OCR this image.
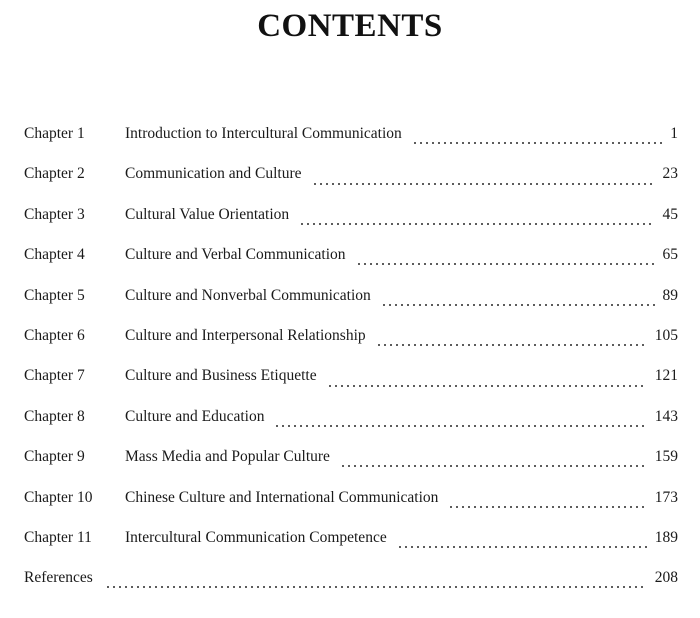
CONTENTS
Chapter 1	Introduction to Intercultural Communication	1
Chapter 2	Communication and Culture	23
Chapter 3	Cultural Value Orientation	45
Chapter 4	Culture and Verbal Communication	65
Chapter 5	Culture and Nonverbal Communication	89
Chapter 6	Culture and Interpersonal Relationship	105
Chapter 7	Culture and Business Etiquette	121
Chapter 8	Culture and Education	143
Chapter 9	Mass Media and Popular Culture	159
Chapter 10	Chinese Culture and International Communication	173
Chapter 11	Intercultural Communication Competence	189
References	208
